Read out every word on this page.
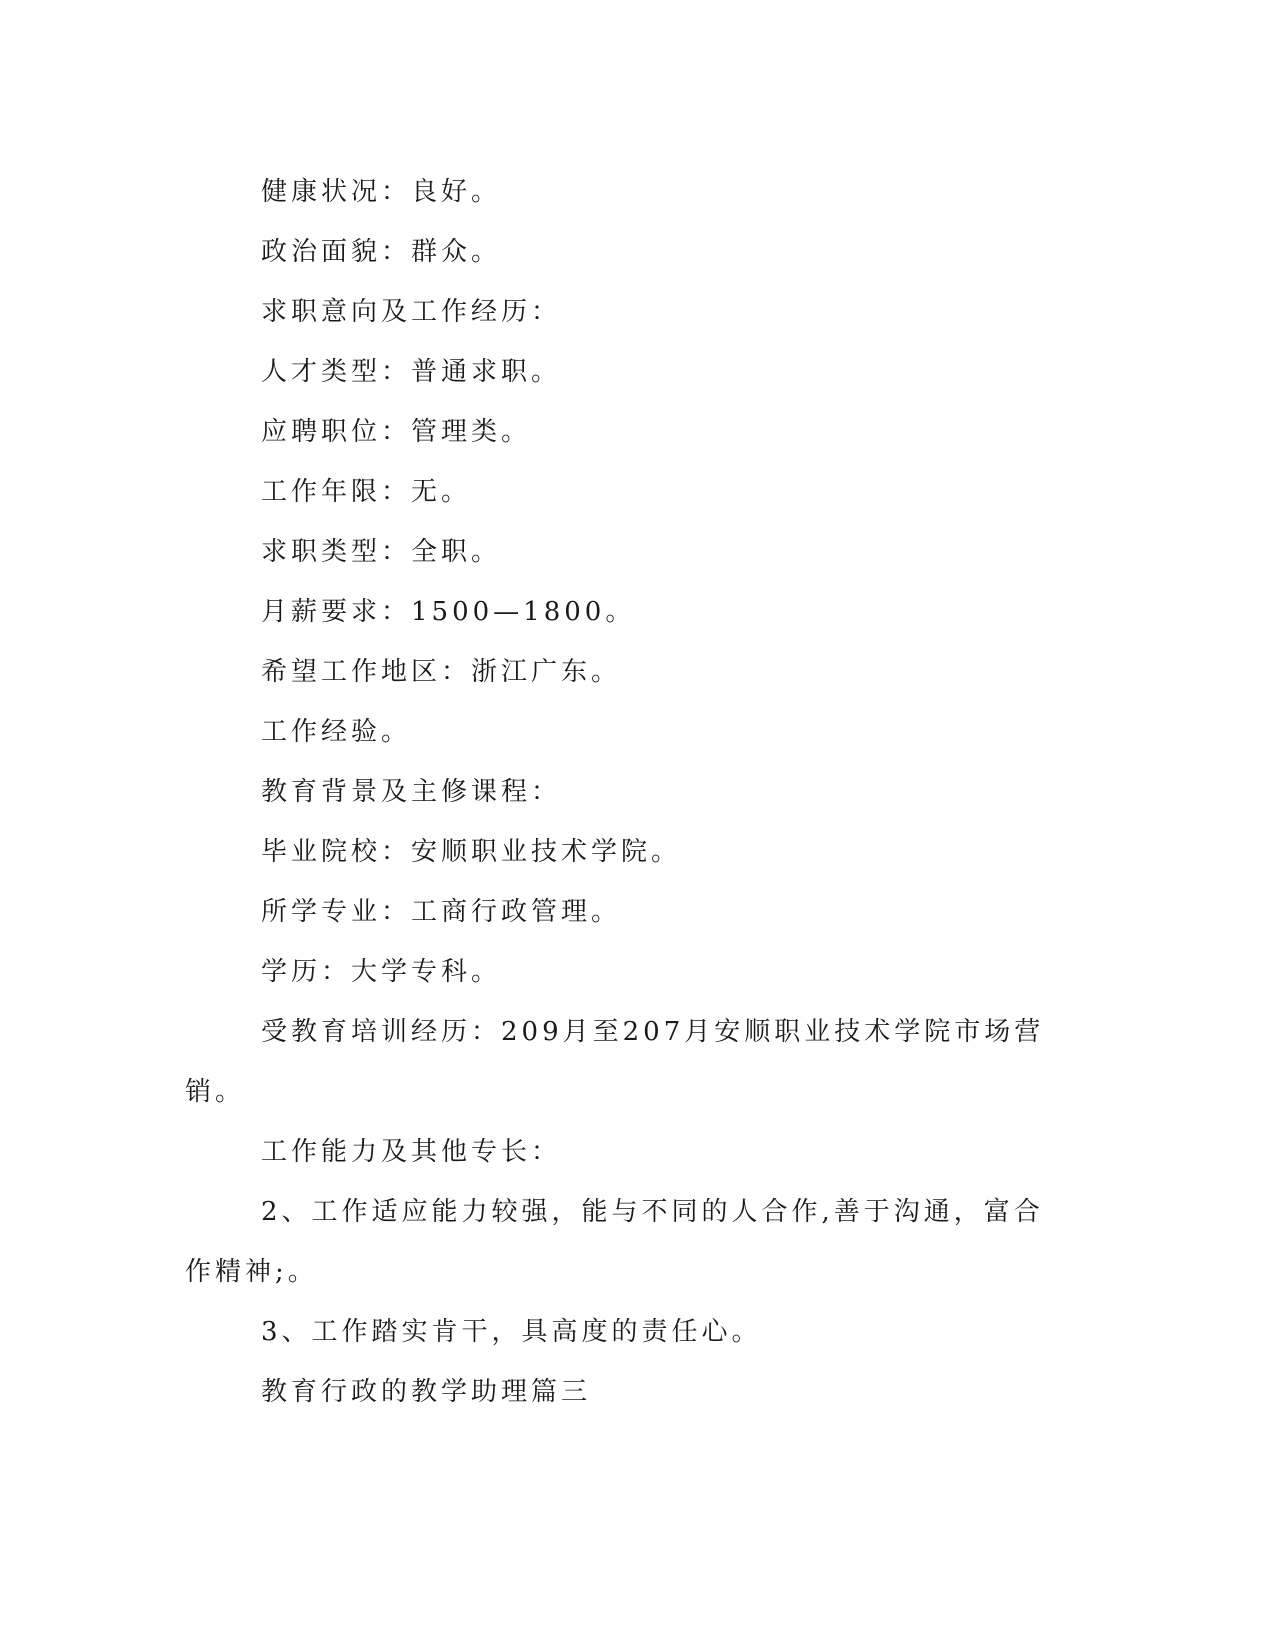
健康状况：良好。

政治面貌：群众。

求职意向及工作经历：

人才类型：普通求职。

应聘职位：管理类。

工作年限：无。

求职类型：全职。

月薪要求：1500—1800。

希望工作地区：浙江广东。

工作经验。

教育背景及主修课程：

毕业院校：安顺职业技术学院。

所学专业：工商行政管理。

学历：大学专科。

受教育培训经历：209月至207月安顺职业技术学院市场营销。

工作能力及其他专长：

2、工作适应能力较强，能与不同的人合作,善于沟通，富合作精神;。

3、工作踏实肯干，具高度的责任心。

教育行政的教学助理篇三
